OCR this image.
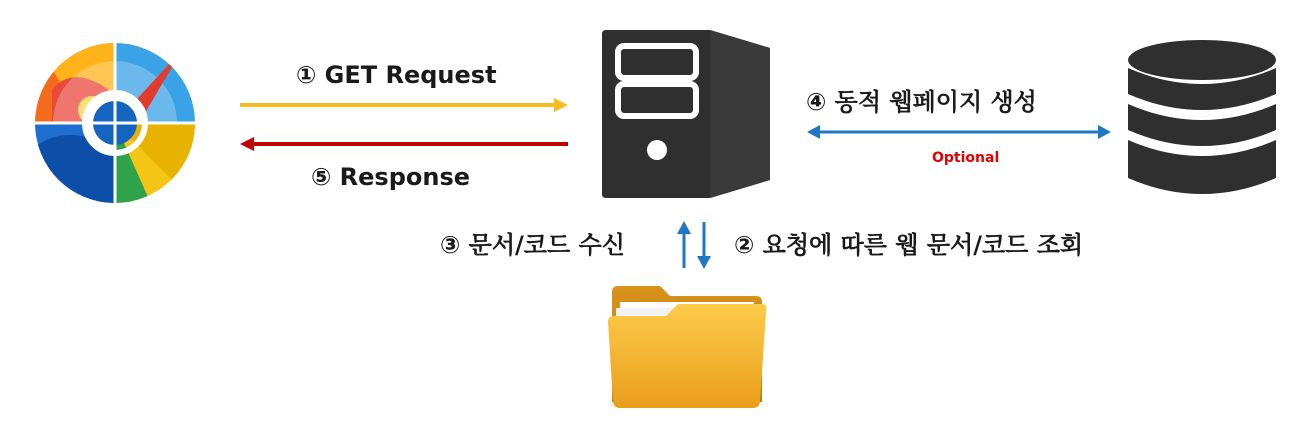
① GET Request
⑤ Response
④ 동적 웹페이지 생성
Optional
③ 문서/코드 수신	② 요청에 따른 웹 문서/코드 조회
